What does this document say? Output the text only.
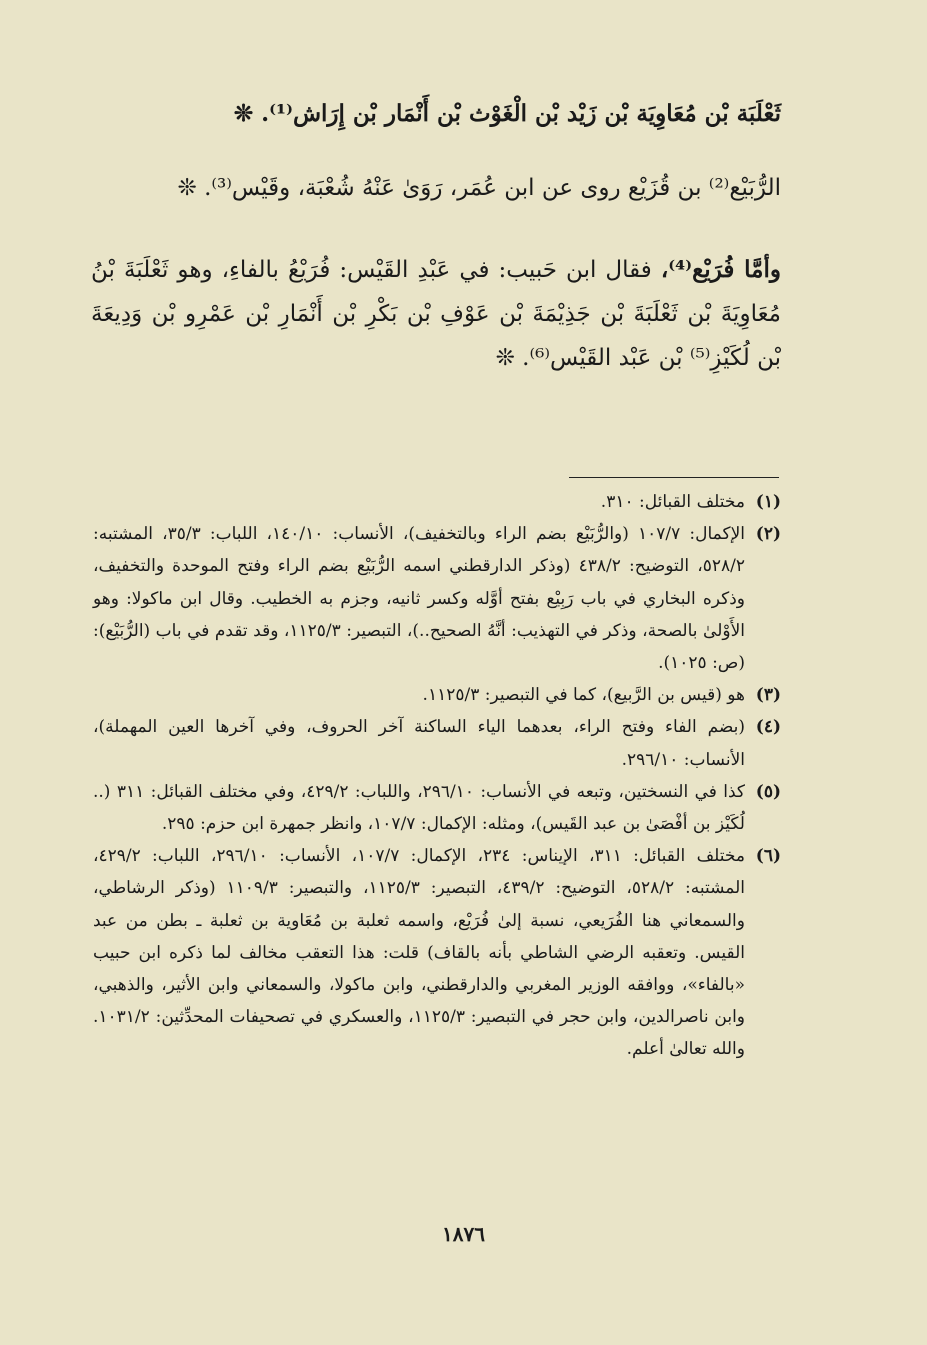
ثَعْلَبَة بْن مُعَاوِيَة بْن زَيْد بْن الْغَوْث بْن أَنْمَار بْن إِرَاش⁽¹⁾. ❊

الرُّبَيْع⁽²⁾ بن قُزَيْع روى عن ابن عُمَر، رَوَىٰ عَنْهُ شُعْبَة، وقَيْس⁽³⁾. ❊

وأمَّا فُرَيْع⁽⁴⁾، فقال ابن حَبيب: في عَبْدِ القَيْس: فُرَيْعُ بالفاءِ، وهو ثَعْلَبَةَ بْنُ مُعَاوِيَةَ بْن ثَعْلَبَةَ بْن جَذِيْمَةَ بْن عَوْفِ بْن بَكْرِ بْن أَنْمَارِ بْن عَمْرِو بْن وَدِيعَةَ بْن لُكَيْزِ⁽⁵⁾ بْن عَبْد القَيْس⁽⁶⁾. ❊

(١)
مختلف القبائل: ٣١٠.

(٢)
الإكمال: ١٠٧/٧ (والرُّبَيْع بضم الراء وبالتخفيف)، الأنساب: ١٤٠/١٠، اللباب: ٣٥/٣، المشتبه: ٥٢٨/٢، التوضيح: ٤٣٨/٢ (وذكر الدارقطني اسمه الرُّبَيْع بضم الراء وفتح الموحدة والتخفيف، وذكره البخاري في باب رَبِيْع بفتح أوَّله وكسر ثانيه، وجزم به الخطيب. وقال ابن ماكولا: وهو الأَوْلىٰ بالصحة، وذكر في التهذيب: أنَّهُ الصحيح..)، التبصير: ١١٢٥/٣، وقد تقدم في باب (الرُّبَيْع): (ص: ١٠٢٥).

(٣)
هو (قيس بن الرَّبيع)، كما في التبصير: ١١٢٥/٣.

(٤)
(بضم الفاء وفتح الراء، بعدهما الياء الساكنة آخر الحروف، وفي آخرها العين المهملة)، الأنساب: ٢٩٦/١٠.

(٥)
كذا في النسختين، وتبعه في الأنساب: ٢٩٦/١٠، واللباب: ٤٢٩/٢، وفي مختلف القبائل: ٣١١ (.. لُكَيْز بن أفْصَىٰ بن عبد القَيس)، ومثله: الإكمال: ١٠٧/٧، وانظر جمهرة ابن حزم: ٢٩٥.

(٦)
مختلف القبائل: ٣١١، الإيناس: ٢٣٤، الإكمال: ١٠٧/٧، الأنساب: ٢٩٦/١٠، اللباب: ٤٢٩/٢، المشتبه: ٥٢٨/٢، التوضيح: ٤٣٩/٢، التبصير: ١١٢٥/٣، والتبصير: ١١٠٩/٣ (وذكر الرشاطي، والسمعاني هنا الفُرَيعي، نسبة إلىٰ فُرَيْع، واسمه ثعلبة بن مُعَاوية بن ثعلبة ـ بطن من عبد القيس. وتعقبه الرضي الشاطي بأنه بالقاف) قلت: هذا التعقب مخالف لما ذكره ابن حبيب «بالفاء»، ووافقه الوزير المغربي والدارقطني، وابن ماكولا، والسمعاني وابن الأثير، والذهبي، وابن ناصرالدين، وابن حجر في التبصير: ١١٢٥/٣، والعسكري في تصحيفات المحدِّثين: ١٠٣١/٢. والله تعالىٰ أعلم.

١٨٧٦
